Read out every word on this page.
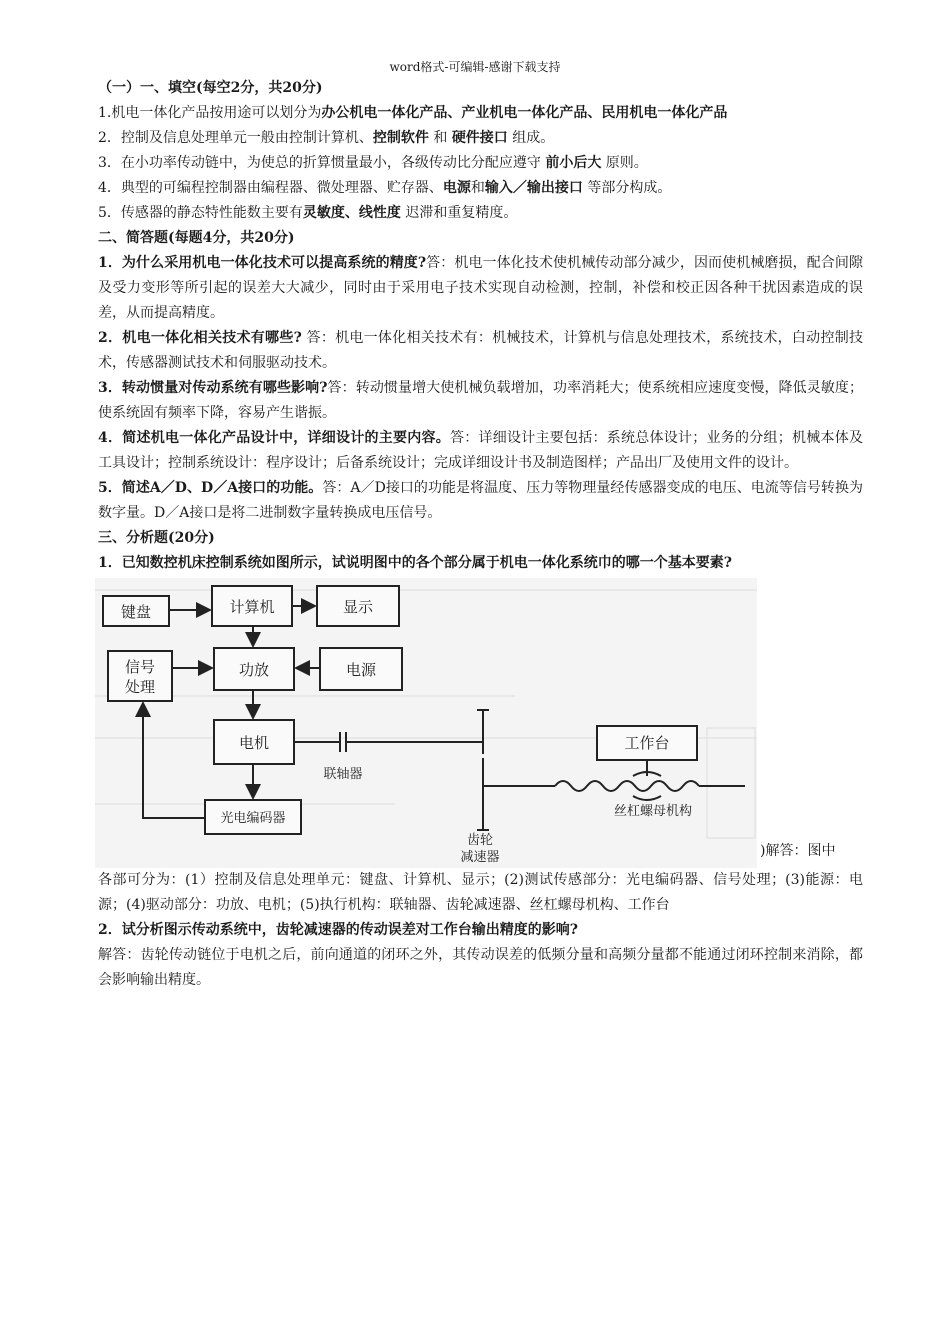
word格式-可编辑-感谢下载支持
（一）一、填空(每空2分，共20分)
1.机电一体化产品按用途可以划分为办公机电一体化产品、产业机电一体化产品、民用机电一体化产品
2．控制及信息处理单元一般由控制计算机、控制软件 和 硬件接口 组成。
3．在小功率传动链中，为使总的折算惯量最小，各级传动比分配应遵守 前小后大 原则。
4．典型的可编程控制器由编程器、微处理器、贮存器、电源和输入／输出接口 等部分构成。
5．传感器的静态特性能数主要有灵敏度、线性度 迟滞和重复精度。
二、简答题(每题4分，共20分)
1．为什么采用机电一体化技术可以提高系统的精度?答：机电一体化技术使机械传动部分减少，因而使机械磨损，配合间隙及受力变形等所引起的误差大大减少，同时由于采用电子技术实现自动检测，控制，补偿和校正因各种干扰因素造成的误差，从而提高精度。
2．机电一体化相关技术有哪些? 答：机电一体化相关技术有：机械技术，计算机与信息处理技术，系统技术，白动控制技术，传感器测试技术和伺服驱动技术。
3．转动惯量对传动系统有哪些影响?答：转动惯量增大使机械负载增加，功率消耗大；使系统相应速度变慢，降低灵敏度；使系统固有频率下降，容易产生谐振。
4．简述机电一体化产品设计中，详细设计的主要内容。答：详细设计主要包括：系统总体设计；业务的分组；机械本体及工具设计；控制系统设计：程序设计；后备系统设计；完成详细设计书及制造图样；产品出厂及使用文件的设计。
5．简述A／D、D／A接口的功能。答：A／D接口的功能是将温度、压力等物理量经传感器变成的电压、电流等信号转换为数字量。D／A接口是将二进制数字量转换成电压信号。
三、分析题(20分)
1．已知数控机床控制系统如图所示，试说明图中的各个部分属于机电一体化系统巾的哪一个基本要素?
键盘	计算机	显示
信号
处理
功放	电源
电机
光电编码器
工作台
联轴器
齿轮
减速器
丝杠螺母机构
)解答：图中
各部可分为：(1）控制及信息处理单元：键盘、计算机、显示；(2)测试传感部分：光电编码器、信号处理；(3)能源：电源；(4)驱动部分：功放、电机；(5)执行机构：联轴器、齿轮减速器、丝杠螺母机构、工作台
2．试分析图示传动系统中，齿轮减速器的传动误差对工作台输出精度的影响?
解答：齿轮传动链位于电机之后，前向通道的闭环之外，其传动误差的低频分量和高频分量都不能通过闭环控制来消除，都会影响输出精度。
